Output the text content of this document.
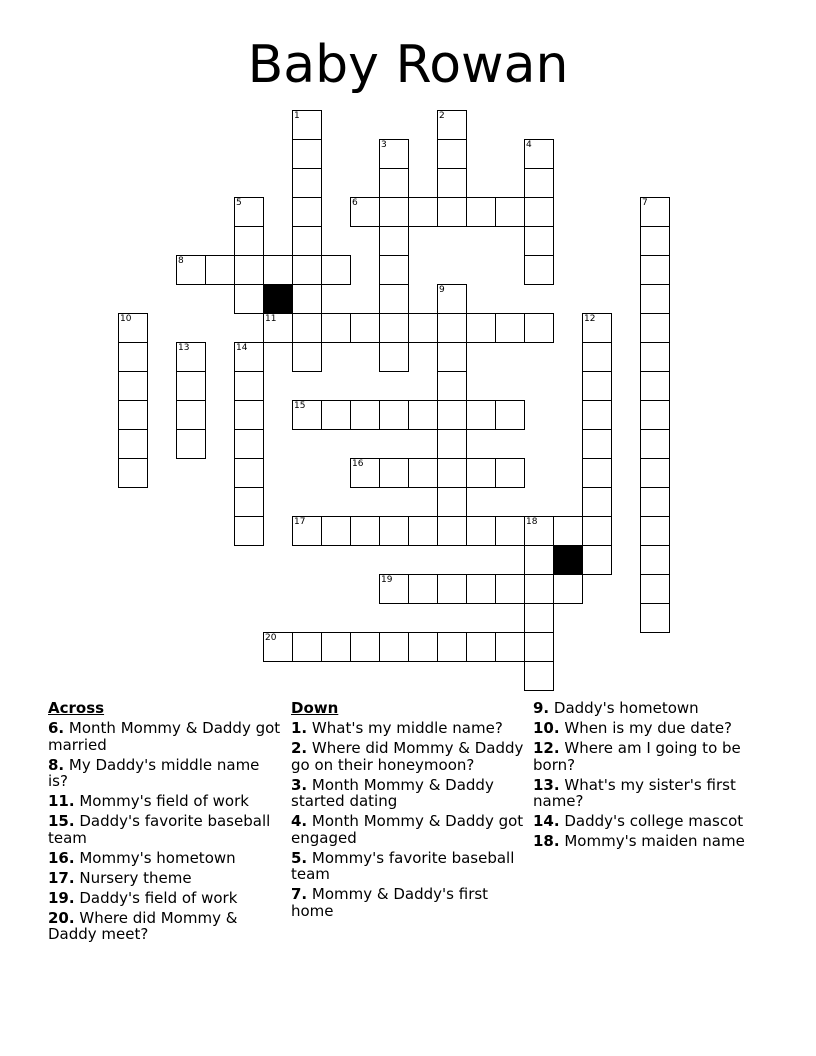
Baby Rowan
1	2
3	4
5	6	7
8
9
10	11	12
13	14
15
16
17	18
19
20
Across
6. Month Mommy & Daddy got married
8. My Daddy's middle name is?
11. Mommy's field of work
15. Daddy's favorite baseball team
16. Mommy's hometown
17. Nursery theme
19. Daddy's field of work
20. Where did Mommy & Daddy meet?
Down
1. What's my middle name?
2. Where did Mommy & Daddy go on their honeymoon?
3. Month Mommy & Daddy started dating
4. Month Mommy & Daddy got engaged
5. Mommy's favorite baseball team
7. Mommy & Daddy's first home
9. Daddy's hometown
10. When is my due date?
12. Where am I going to be born?
13. What's my sister's first name?
14. Daddy's college mascot
18. Mommy's maiden name
